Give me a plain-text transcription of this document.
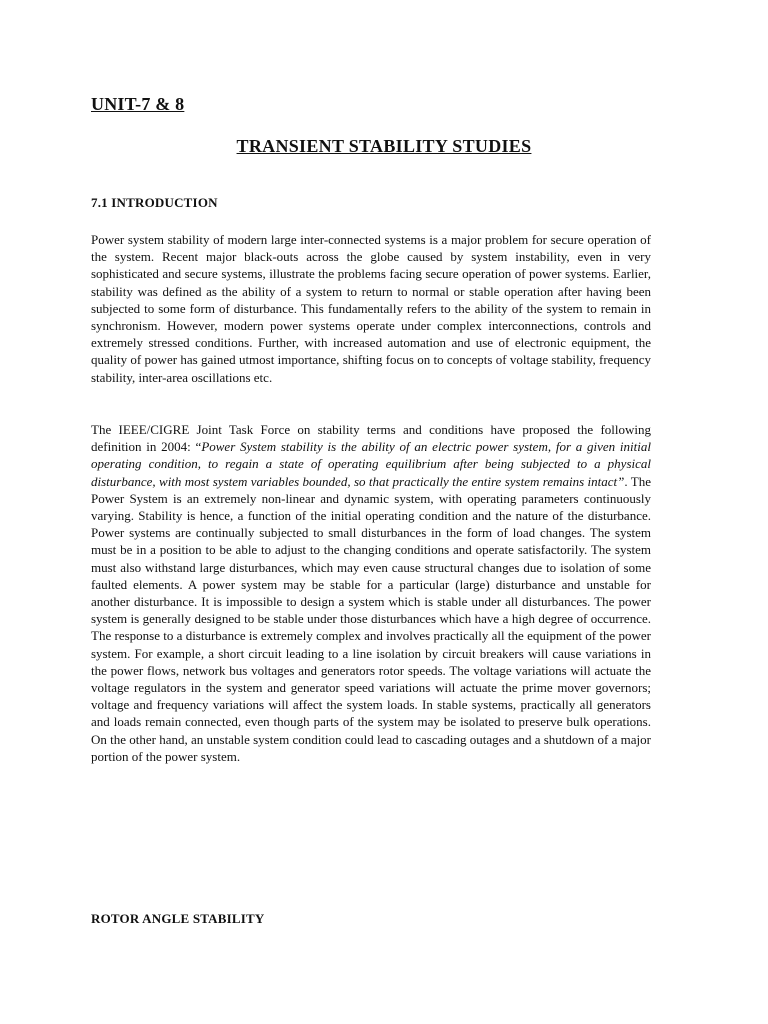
UNIT-7 & 8
TRANSIENT STABILITY STUDIES
7.1 INTRODUCTION

Power system stability of modern large inter-connected systems is a major problem for secure operation of the system. Recent major black-outs across the globe caused by system instability, even in very sophisticated and secure systems, illustrate the problems facing secure operation of power systems. Earlier, stability was defined as the ability of a system to return to normal or stable operation after having been subjected to some form of disturbance. This fundamentally refers to the ability of the system to remain in synchronism. However, modern power systems operate under complex interconnections, controls and extremely stressed conditions. Further, with increased automation and use of electronic equipment, the quality of power has gained utmost importance, shifting focus on to concepts of voltage stability, frequency stability, inter-area oscillations etc.

The IEEE/CIGRE Joint Task Force on stability terms and conditions have proposed the following definition in 2004: “Power System stability is the ability of an electric power system, for a given initial operating condition, to regain a state of operating equilibrium after being subjected to a physical disturbance, with most system variables bounded, so that practically the entire system remains intact”. The Power System is an extremely non-linear and dynamic system, with operating parameters continuously varying. Stability is hence, a function of the initial operating condition and the nature of the disturbance. Power systems are continually subjected to small disturbances in the form of load changes. The system must be in a position to be able to adjust to the changing conditions and operate satisfactorily. The system must also withstand large disturbances, which may even cause structural changes due to isolation of some faulted elements. A power system may be stable for a particular (large) disturbance and unstable for another disturbance. It is impossible to design a system which is stable under all disturbances. The power system is generally designed to be stable under those disturbances which have a high degree of occurrence. The response to a disturbance is extremely complex and involves practically all the equipment of the power system. For example, a short circuit leading to a line isolation by circuit breakers will cause variations in the power flows, network bus voltages and generators rotor speeds. The voltage variations will actuate the voltage regulators in the system and generator speed variations will actuate the prime mover governors; voltage and frequency variations will affect the system loads. In stable systems, practically all generators and loads remain connected, even though parts of the system may be isolated to preserve bulk operations. On the other hand, an unstable system condition could lead to cascading outages and a shutdown of a major portion of the power system.

ROTOR ANGLE STABILITY
